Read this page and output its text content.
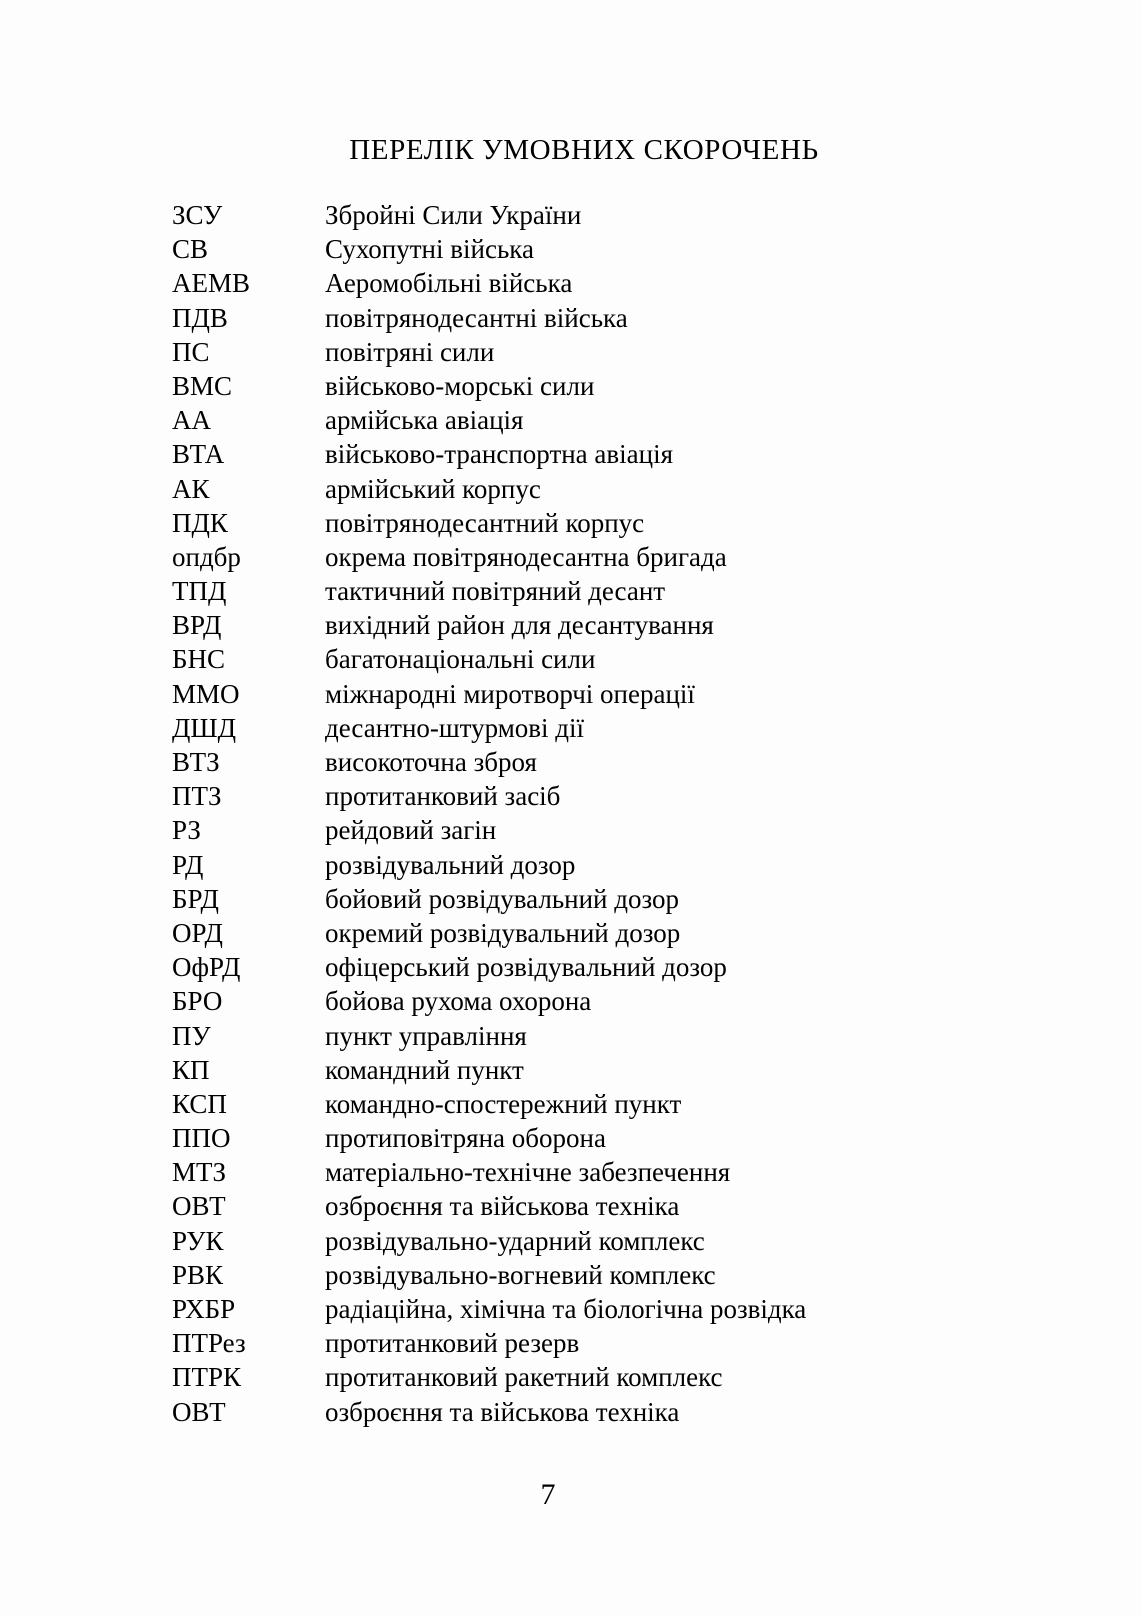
ПЕРЕЛІК УМОВНИХ СКОРОЧЕНЬ
ЗСУ	Збройні Сили України
СВ	Сухопутні війська
АЕМВ	Аеромобільні війська
ПДВ	повітрянодесантні війська
ПС	повітряні сили
ВМС	військово-морські сили
АА	армійська авіація
ВТА	військово-транспортна авіація
АК	армійський корпус
ПДК	повітрянодесантний корпус
опдбр	окрема повітрянодесантна бригада
ТПД	тактичний повітряний десант
ВРД	вихідний район для десантування
БНС	багатонаціональні сили
ММО	міжнародні миротворчі операції
ДШД	десантно-штурмові дії
ВТЗ	високоточна зброя
ПТЗ	протитанковий засіб
РЗ	рейдовий загін
РД	розвідувальний дозор
БРД	бойовий розвідувальний дозор
ОРД	окремий розвідувальний дозор
ОфРД	офіцерський розвідувальний дозор
БРО	бойова рухома охорона
ПУ	пункт управління
КП	командний пункт
КСП	командно-спостережний пункт
ППО	протиповітряна оборона
МТЗ	матеріально-технічне забезпечення
ОВТ	озброєння та військова техніка
РУК	розвідувально-ударний комплекс
РВК	розвідувально-вогневий комплекс
РХБР	радіаційна, хімічна та біологічна розвідка
ПТРез	протитанковий резерв
ПТРК	протитанковий ракетний комплекс
ОВТ	озброєння та військова техніка
7
